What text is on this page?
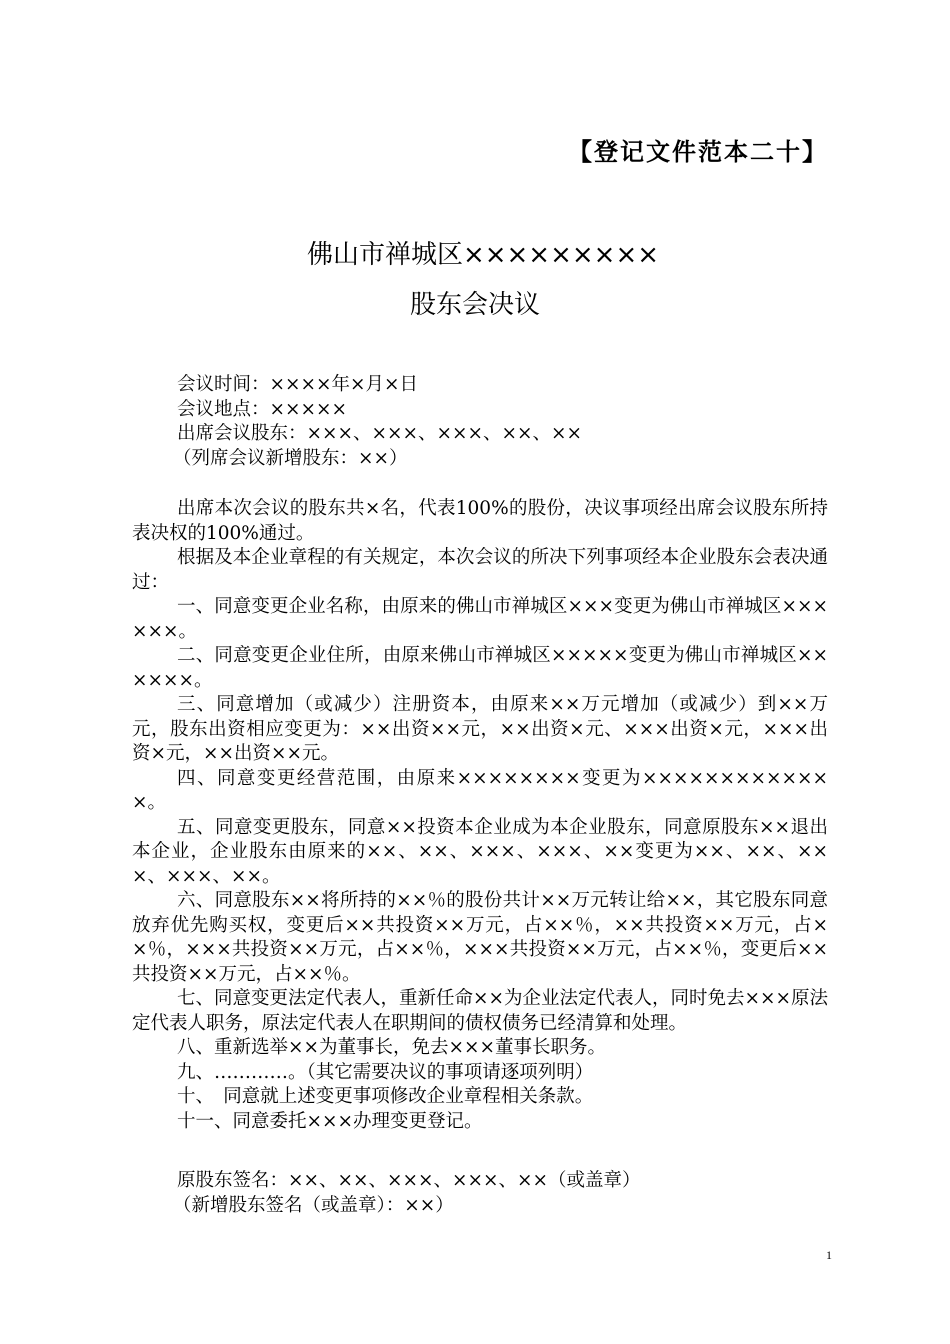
【登记文件范本二十】
佛山市禅城区×××××××××
股东会决议
会议时间：××××年×月×日
会议地点：×××××
出席会议股东：×××、×××、×××、××、××
（列席会议新增股东：××）

出席本次会议的股东共×名，代表100%的股份，决议事项经出席会议股东所持表决权的100%通过。

根据及本企业章程的有关规定，本次会议的所决下列事项经本企业股东会表决通过：

一、同意变更企业名称，由原来的佛山市禅城区×××变更为佛山市禅城区××××××。

二、同意变更企业住所，由原来佛山市禅城区×××××变更为佛山市禅城区××××××。

三、同意增加（或减少）注册资本，由原来××万元增加（或减少）到××万元，股东出资相应变更为：××出资××元，××出资×元、×××出资×元，×××出资×元，××出资××元。

四、同意变更经营范围，由原来××××××××变更为×××××××××××××。

五、同意变更股东，同意××投资本企业成为本企业股东，同意原股东××退出本企业，企业股东由原来的××、××、×××、×××、××变更为××、××、×××、×××、××。

六、同意股东××将所持的××％的股份共计××万元转让给××，其它股东同意放弃优先购买权，变更后××共投资××万元，占××％，××共投资××万元，占××％，×××共投资××万元，占××％，×××共投资××万元，占××％，变更后××共投资××万元，占××％。

七、同意变更法定代表人，重新任命××为企业法定代表人，同时免去×××原法定代表人职务，原法定代表人在职期间的债权债务已经清算和处理。

八、重新选举××为董事长，免去×××董事长职务。

九、…………。（其它需要决议的事项请逐项列明）

十、　同意就上述变更事项修改企业章程相关条款。

十一、同意委托×××办理变更登记。

原股东签名：××、××、×××、×××、××（或盖章）
（新增股东签名（或盖章）：××）
1
